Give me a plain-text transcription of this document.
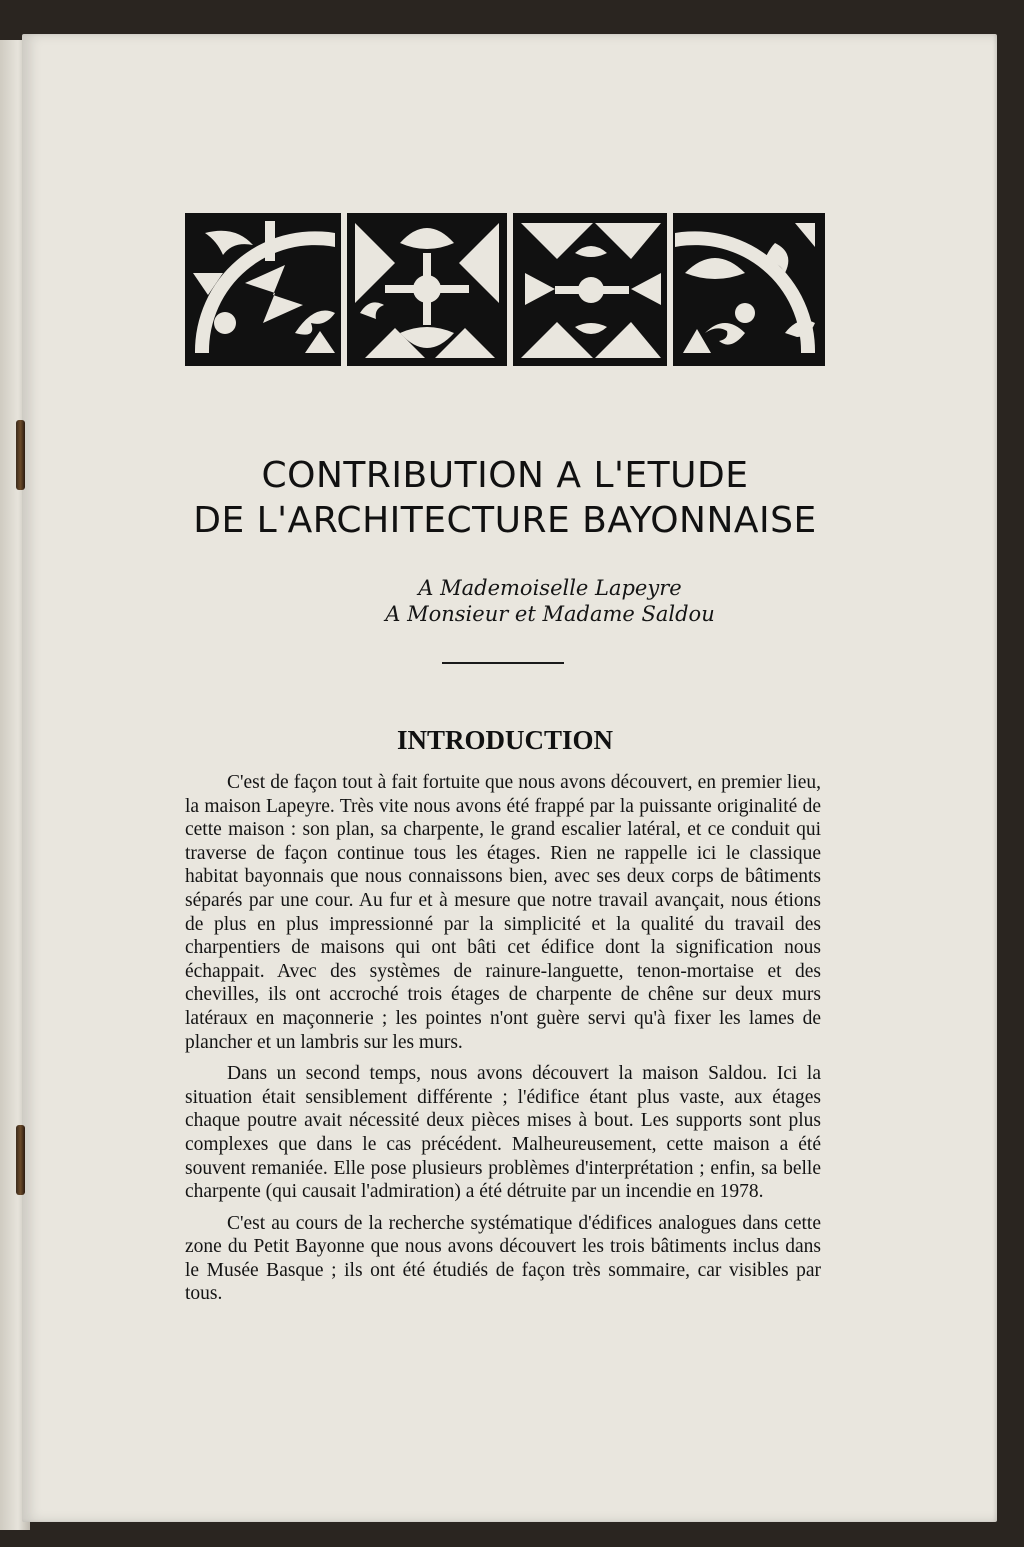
CONTRIBUTION A L'ETUDE
DE L'ARCHITECTURE BAYONNAISE
A Mademoiselle Lapeyre
A Monsieur et Madame Saldou
INTRODUCTION

C'est de façon tout à fait fortuite que nous avons découvert, en premier lieu, la maison Lapeyre. Très vite nous avons été frappé par la puissante originalité de cette maison : son plan, sa charpente, le grand escalier latéral, et ce conduit qui traverse de façon continue tous les étages. Rien ne rappelle ici le classique habitat bayonnais que nous connaissons bien, avec ses deux corps de bâtiments séparés par une cour. Au fur et à mesure que notre travail avançait, nous étions de plus en plus impressionné par la simplicité et la qualité du travail des charpentiers de maisons qui ont bâti cet édifice dont la signification nous échappait. Avec des systèmes de rainure-languette, tenon-mortaise et des chevilles, ils ont accroché trois étages de charpente de chêne sur deux murs latéraux en maçonnerie ; les pointes n'ont guère servi qu'à fixer les lames de plancher et un lambris sur les murs.

Dans un second temps, nous avons découvert la maison Saldou. Ici la situation était sensiblement différente ; l'édifice étant plus vaste, aux étages chaque poutre avait nécessité deux pièces mises à bout. Les supports sont plus complexes que dans le cas précédent. Malheureusement, cette maison a été souvent remaniée. Elle pose plusieurs problèmes d'interprétation ; enfin, sa belle charpente (qui causait l'admiration) a été détruite par un incendie en 1978.

C'est au cours de la recherche systématique d'édifices analogues dans cette zone du Petit Bayonne que nous avons découvert les trois bâtiments inclus dans le Musée Basque ; ils ont été étudiés de façon très sommaire, car visibles par tous.
